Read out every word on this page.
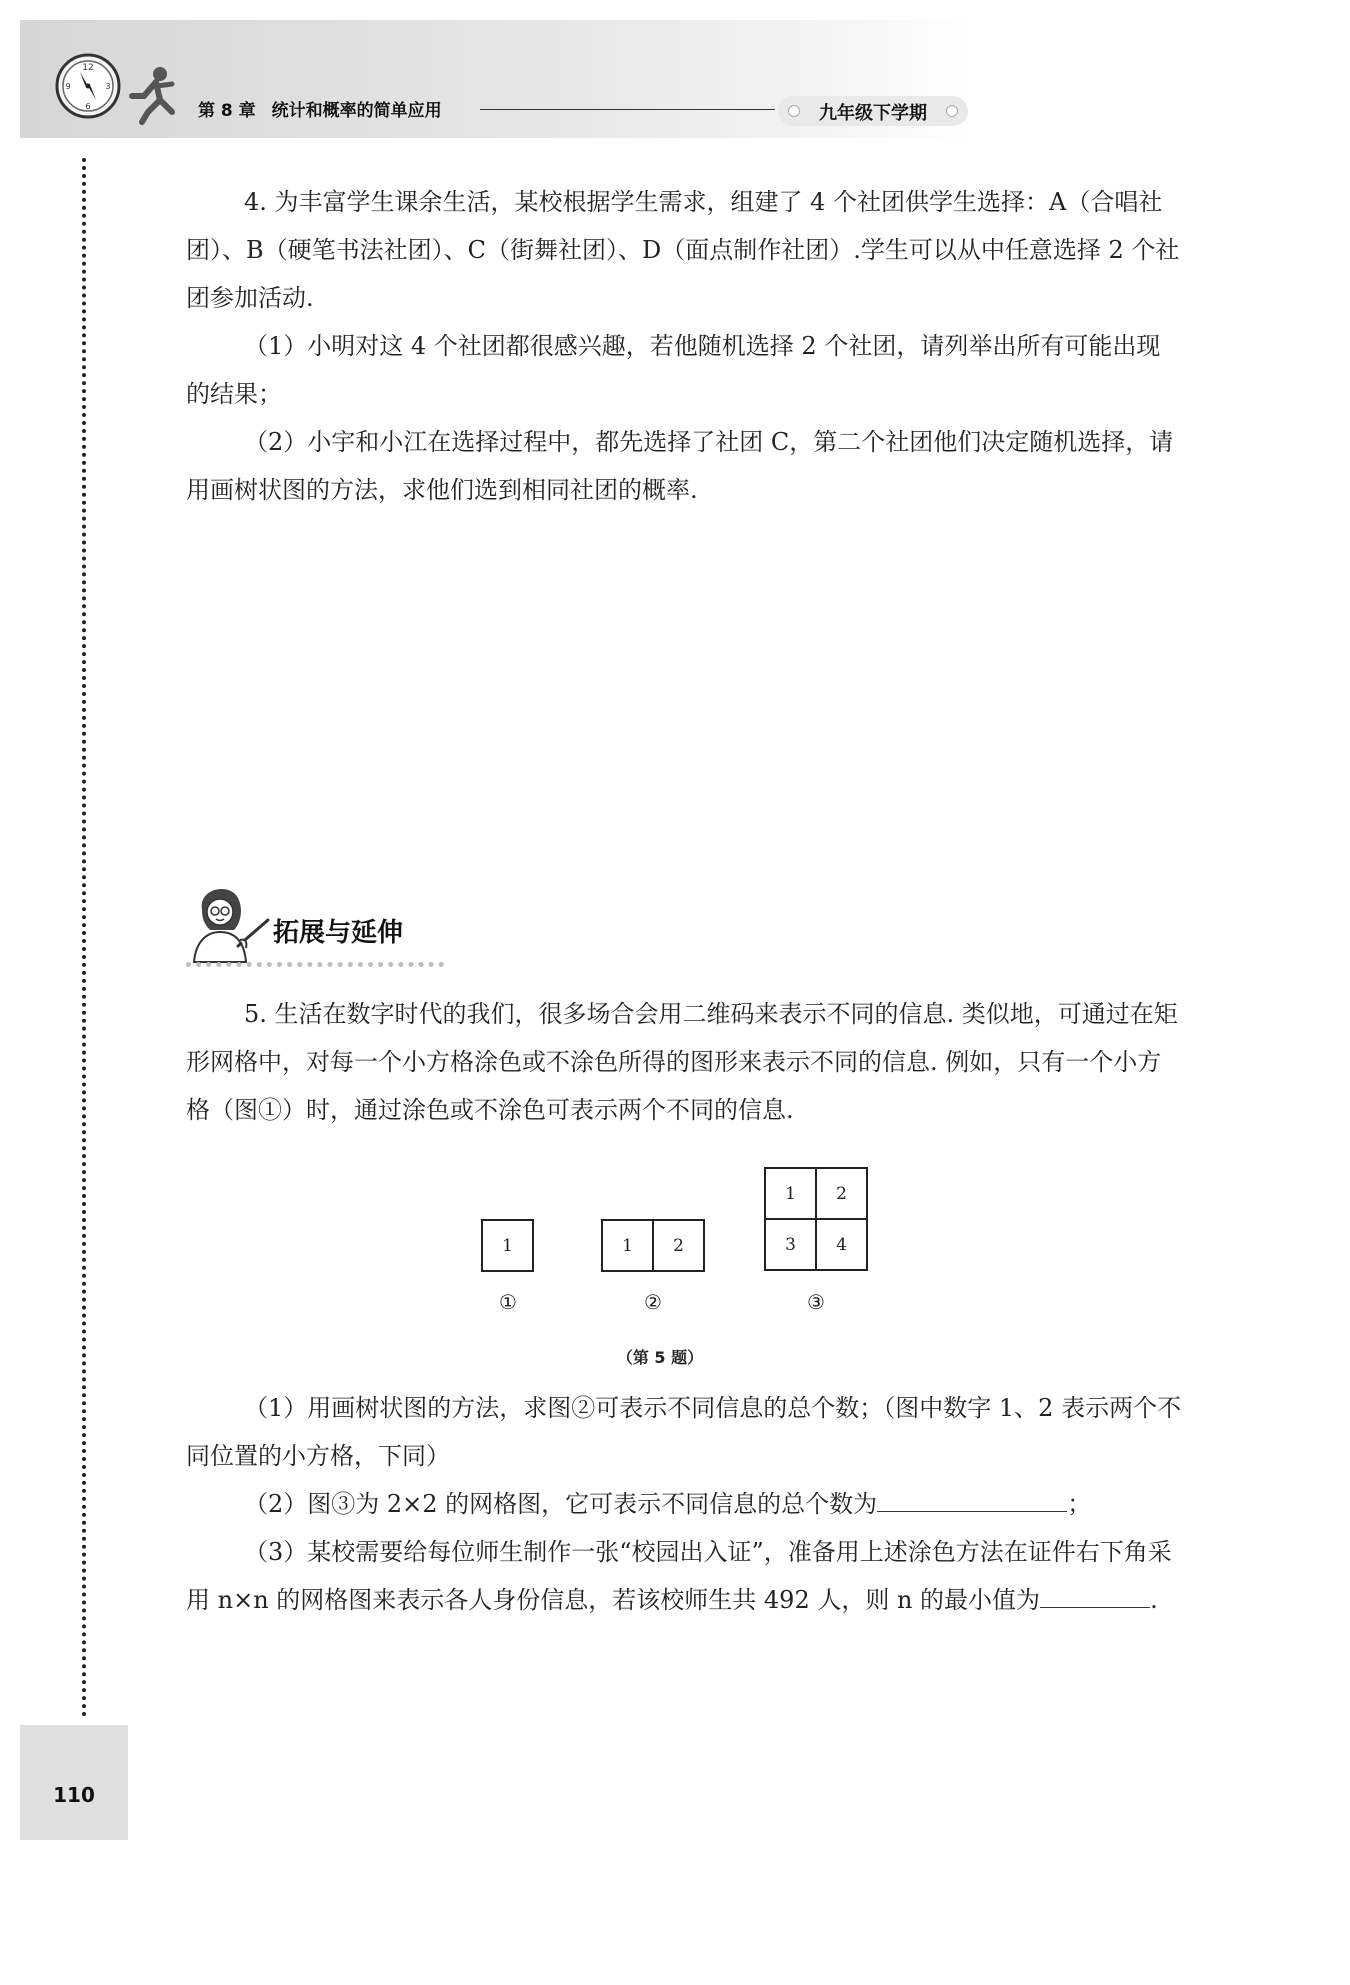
12
3
6
9
第 8 章 统计和概率的简单应用	九年级下学期
110

4. 为丰富学生课余生活，某校根据学生需求，组建了 4 个社团供学生选择：A（合唱社团）、B（硬笔书法社团）、C（街舞社团）、D（面点制作社团）.学生可以从中任意选择 2 个社团参加活动.

（1）小明对这 4 个社团都很感兴趣，若他随机选择 2 个社团，请列举出所有可能出现的结果；

（2）小宇和小江在选择过程中，都先选择了社团 C，第二个社团他们决定随机选择，请用画树状图的方法，求他们选到相同社团的概率.

拓展与延伸

5. 生活在数字时代的我们，很多场合会用二维码来表示不同的信息. 类似地，可通过在矩形网格中，对每一个小方格涂色或不涂色所得的图形来表示不同的信息. 例如，只有一个小方格（图①）时，通过涂色或不涂色可表示两个不同的信息.

1	1	2
1	2
3	4
①	②	③
（第 5 题）

（1）用画树状图的方法，求图②可表示不同信息的总个数；（图中数字 1、2 表示两个不同位置的小方格，下同）

（2）图③为 2×2 的网格图，它可表示不同信息的总个数为	；

（3）某校需要给每位师生制作一张“校园出入证”，准备用上述涂色方法在证件右下角采用 n×n 的网格图来表示各人身份信息，若该校师生共 492 人，则 n 的最小值为	.
